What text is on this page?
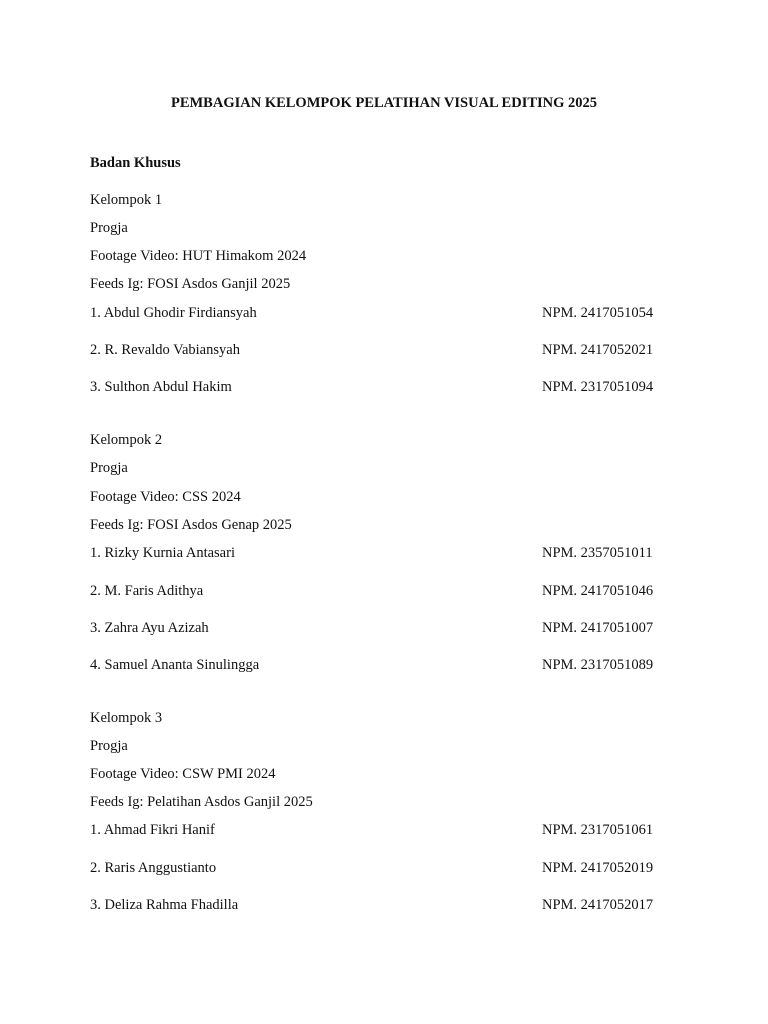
PEMBAGIAN KELOMPOK PELATIHAN VISUAL EDITING 2025
Badan Khusus
Kelompok 1
Progja
Footage Video: HUT Himakom 2024
Feeds Ig: FOSI Asdos Ganjil 2025
1. Abdul Ghodir Firdiansyah	NPM. 2417051054
2. R. Revaldo Vabiansyah	NPM. 2417052021
3. Sulthon Abdul Hakim	NPM. 2317051094
Kelompok 2
Progja
Footage Video: CSS 2024
Feeds Ig: FOSI Asdos Genap 2025
1. Rizky Kurnia Antasari	NPM. 2357051011
2. M. Faris Adithya	NPM. 2417051046
3. Zahra Ayu Azizah	NPM. 2417051007
4. Samuel Ananta Sinulingga	NPM. 2317051089
Kelompok 3
Progja
Footage Video: CSW PMI 2024
Feeds Ig: Pelatihan Asdos Ganjil 2025
1. Ahmad Fikri Hanif	NPM. 2317051061
2. Raris Anggustianto	NPM. 2417052019
3. Deliza Rahma Fhadilla	NPM. 2417052017
